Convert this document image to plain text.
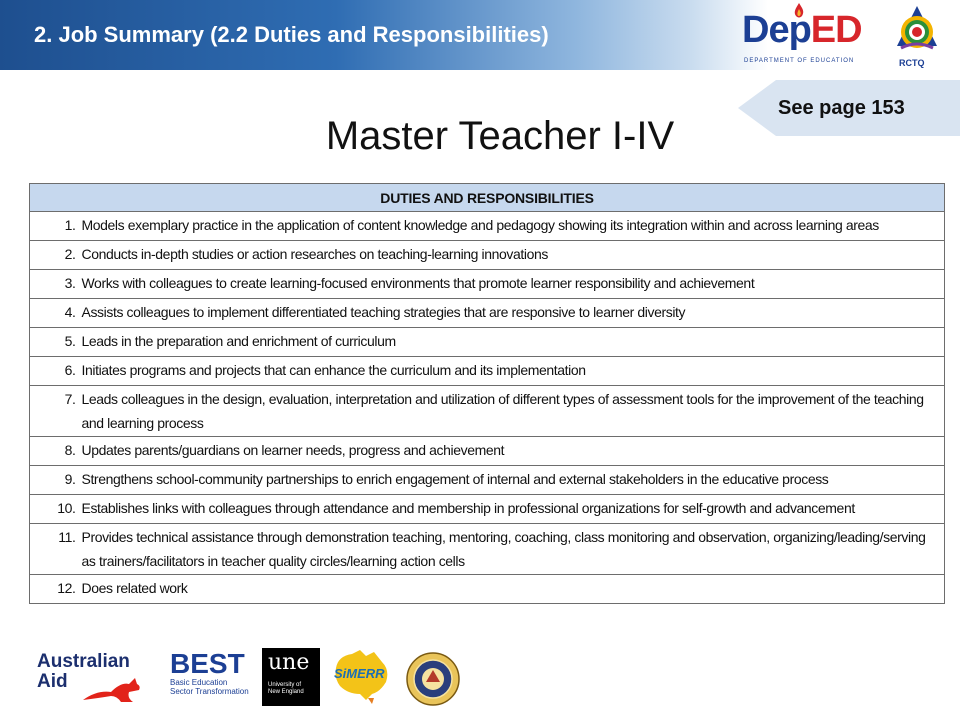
2. Job Summary (2.2 Duties and Responsibilities)	DepED
DEPARTMENT OF EDUCATION	RCTQ
See page 153
Master Teacher I-IV
DUTIES AND RESPONSIBILITIES	
1.	Models exemplary practice in the application of content knowledge and pedagogy showing its integration within and across learning areas
2.	Conducts in-depth studies or action researches on teaching-learning innovations
3.	Works with colleagues to create learning-focused environments that promote learner responsibility and achievement
4.	Assists colleagues to implement differentiated teaching strategies that are responsive to learner diversity
5.	Leads in the preparation and enrichment of curriculum
6.	Initiates programs and projects that can enhance the curriculum and its implementation
7.	Leads colleagues in the design, evaluation, interpretation and utilization of different types of assessment tools for the improvement of the teaching and learning process
8.	Updates parents/guardians on learner needs, progress and achievement
9.	Strengthens school-community partnerships to enrich engagement of internal and external stakeholders in the educative process
10.	Establishes links with colleagues through attendance and membership in professional organizations for self-growth and advancement
11.	Provides technical assistance through demonstration teaching, mentoring, coaching, class monitoring and observation, organizing/leading/serving as trainers/facilitators in teacher quality circles/learning action cells
12.	Does related work
Australian
Aid
BEST
Basic Education
Sector Transformation
une
University of
New England
SiMERR
